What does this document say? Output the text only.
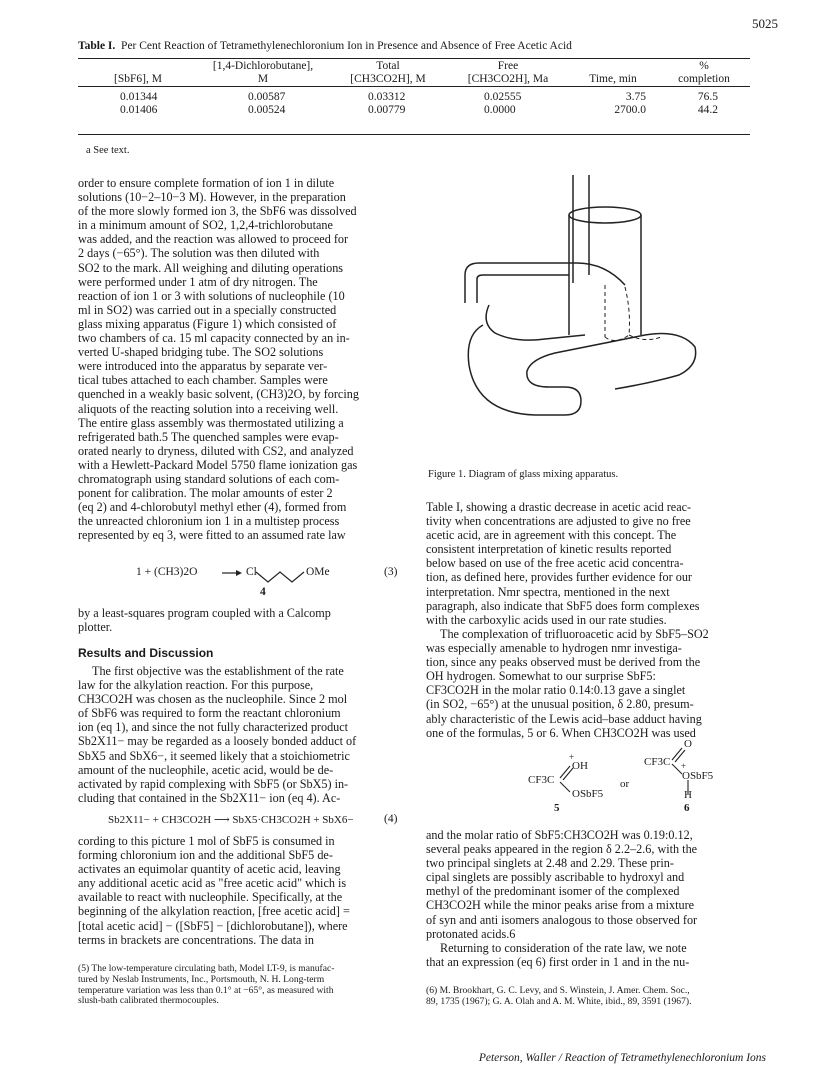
5025
Table I. Per Cent Reaction of Tetramethylenechloronium Ion in Presence and Absence of Free Acetic Acid
	[1,4-Dichlorobutane],	Total	Free		%
[SbF6], M	M	[CH3CO2H], M	[CH3CO2H], Ma	Time, min	completion

0.01344	0.00587	0.03312	0.02555	3.75	76.5
0.01406	0.00524	0.00779	0.0000	2700.0	44.2
a See text.

order to ensure complete formation of ion 1 in dilute

solutions (10−2–10−3 M). However, in the preparation

of the more slowly formed ion 3, the SbF6 was dissolved

in a minimum amount of SO2, 1,2,4-trichlorobutane

was added, and the reaction was allowed to proceed for

2 days (−65°). The solution was then diluted with

SO2 to the mark. All weighing and diluting operations

were performed under 1 atm of dry nitrogen. The

reaction of ion 1 or 3 with solutions of nucleophile (10

ml in SO2) was carried out in a specially constructed

glass mixing apparatus (Figure 1) which consisted of

two chambers of ca. 15 ml capacity connected by an in-

verted U-shaped bridging tube. The SO2 solutions

were introduced into the apparatus by separate ver-

tical tubes attached to each chamber. Samples were

quenched in a weakly basic solvent, (CH3)2O, by forcing

aliquots of the reacting solution into a receiving well.

The entire glass assembly was thermostated utilizing a

refrigerated bath.5 The quenched samples were evap-

orated nearly to dryness, diluted with CS2, and analyzed

with a Hewlett-Packard Model 5750 flame ionization gas

chromatograph using standard solutions of each com-

ponent for calibration. The molar amounts of ester 2

(eq 2) and 4-chlorobutyl methyl ether (4), formed from

the unreacted chloronium ion 1 in a multistep process

represented by eq 3, were fitted to an assumed rate law

1 + (CH3)2O	Cl	OMe	(3)
4

by a least-squares program coupled with a Calcomp

plotter.

Results and Discussion

The first objective was the establishment of the rate

law for the alkylation reaction. For this purpose,

CH3CO2H was chosen as the nucleophile. Since 2 mol

of SbF6 was required to form the reactant chloronium

ion (eq 1), and since the not fully characterized product

Sb2X11− may be regarded as a loosely bonded adduct of

SbX5 and SbX6−, it seemed likely that a stoichiometric

amount of the nucleophile, acetic acid, would be de-

activated by rapid complexing with SbF5 (or SbX5) in-

cluding that contained in the Sb2X11− ion (eq 4). Ac-

Sb2X11− + CH3CO2H ⟶ SbX5·CH3CO2H + SbX6−	(4)

cording to this picture 1 mol of SbF5 is consumed in

forming chloronium ion and the additional SbF5 de-

activates an equimolar quantity of acetic acid, leaving

any additional acetic acid as "free acetic acid" which is

available to react with nucleophile. Specifically, at the

beginning of the alkylation reaction, [free acetic acid] =

[total acetic acid] − ([SbF5] − [dichlorobutane]), where

terms in brackets are concentrations. The data in

(5) The low-temperature circulating bath, Model LT-9, is manufac-

tured by Neslab Instruments, Inc., Portsmouth, N. H. Long-term

temperature variation was less than 0.1° at −65°, as measured with

slush-bath calibrated thermocouples.

Figure 1. Diagram of glass mixing apparatus.

Table I, showing a drastic decrease in acetic acid reac-

tivity when concentrations are adjusted to give no free

acetic acid, are in agreement with this concept. The

consistent interpretation of kinetic results reported

below based on use of the free acetic acid concentra-

tion, as defined here, provides further evidence for our

interpretation. Nmr spectra, mentioned in the next

paragraph, also indicate that SbF5 does form complexes

with the carboxylic acids used in our rate studies.

The complexation of trifluoroacetic acid by SbF5–SO2

was especially amenable to hydrogen nmr investiga-

tion, since any peaks observed must be derived from the

OH hydrogen. Somewhat to our surprise SbF5:

CF3CO2H in the molar ratio 0.14:0.13 gave a singlet

(in SO2, −65°) at the unusual position, δ 2.80, presum-

ably characteristic of the Lewis acid–base adduct having

one of the formulas, 5 or 6. When CH3CO2H was used

+
OH
CF3C
OSbF5
5
or
O
CF3C +
OSbF5
H
6

and the molar ratio of SbF5:CH3CO2H was 0.19:0.12,

several peaks appeared in the region δ 2.2–2.6, with the

two principal singlets at 2.48 and 2.29. These prin-

cipal singlets are possibly ascribable to hydroxyl and

methyl of the predominant isomer of the complexed

CH3CO2H while the minor peaks arise from a mixture

of syn and anti isomers analogous to those observed for

protonated acids.6

Returning to consideration of the rate law, we note

that an expression (eq 6) first order in 1 and in the nu-

(6) M. Brookhart, G. C. Levy, and S. Winstein, J. Amer. Chem. Soc.,

89, 1735 (1967); G. A. Olah and A. M. White, ibid., 89, 3591 (1967).

Peterson, Waller / Reaction of Tetramethylenechloronium Ions
